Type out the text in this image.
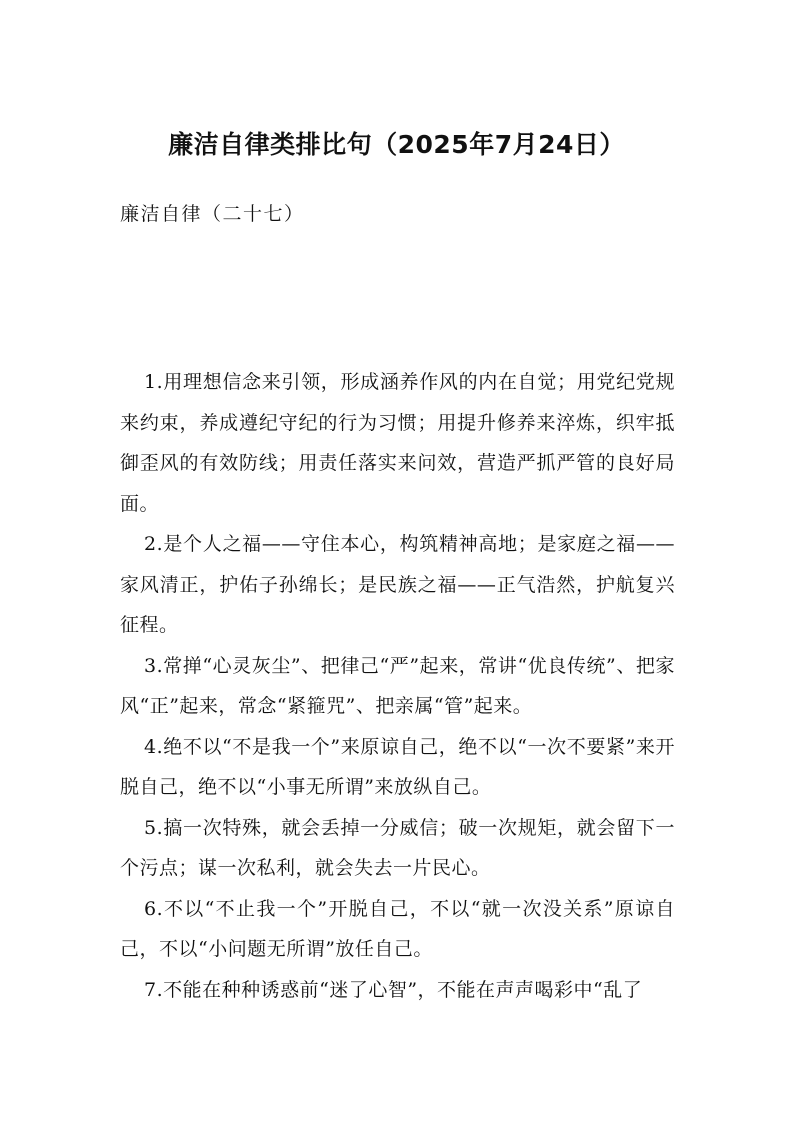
廉洁自律类排比句（2025年7月24日）

廉洁自律（二十七）

1.用理想信念来引领，形成涵养作风的内在自觉；用党纪党规来约束，养成遵纪守纪的行为习惯；用提升修养来淬炼，织牢抵御歪风的有效防线；用责任落实来问效，营造严抓严管的良好局面。
2.是个人之福——守住本心，构筑精神高地；是家庭之福——家风清正，护佑子孙绵长；是民族之福——正气浩然，护航复兴征程。
3.常掸“心灵灰尘”、把律己“严”起来，常讲“优良传统”、把家风“正”起来，常念“紧箍咒”、把亲属“管”起来。
4.绝不以“不是我一个”来原谅自己，绝不以“一次不要紧”来开脱自己，绝不以“小事无所谓”来放纵自己。
5.搞一次特殊，就会丢掉一分威信；破一次规矩，就会留下一个污点；谋一次私利，就会失去一片民心。
6.不以“不止我一个”开脱自己，不以“就一次没关系”原谅自己，不以“小问题无所谓”放任自己。
7.不能在种种诱惑前“迷了心智”，不能在声声喝彩中“乱了
